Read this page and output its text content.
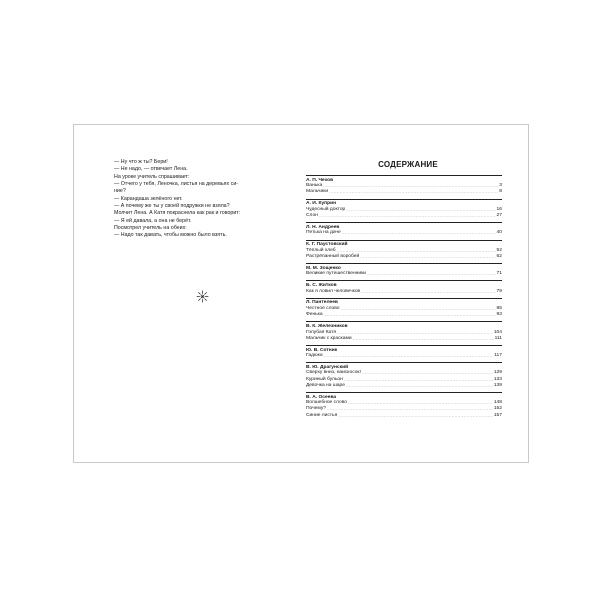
— Ну что ж ты? Бери!
— Не надо, — отвечает Лена.
На уроке учитель спрашивает:
— Отчего у тебя, Леночка, листья на деревьях си-
ние?
— Карандаша зелёного нет.
— А почему же ты у своей подружки не взяла?
Молчит Лена. А Катя покраснела как рак и говорит:
— Я ей давала, а она не берёт.
Посмотрел учитель на обеих:
— Надо так давать, чтобы можно было взять.
СОДЕРЖАНИЕ
А. П. Чехов
Ванька .....	3
Мальчики .....	8
А. И. Куприн
Чудесный доктор .....	16
Слон .....	27
Л. Н. Андреев
Петька на даче .....	40
К. Г. Паустовский
Тёплый хлеб .....	52
Растрёпанный воробей .....	62
М. М. Зощенко
Великие путешественники .....	71
Б. С. Житков
Как я ловил человечков .....	79
Л. Пантелеев
Честное слово .....	85
Фенька .....	93
В. К. Железников
Голубая Катя .....	104
Мальчик с красками .....	111
Ю. В. Сотник
Гадюка .....	117
В. Ю. Драгунский
Сверху вниз, наискосок! .....	129
Куриный бульон .....	133
Девочка на шаре .....	139
В. А. Осеева
Волшебное слово .....	148
Почему? .....	152
Синие листья .....	157
